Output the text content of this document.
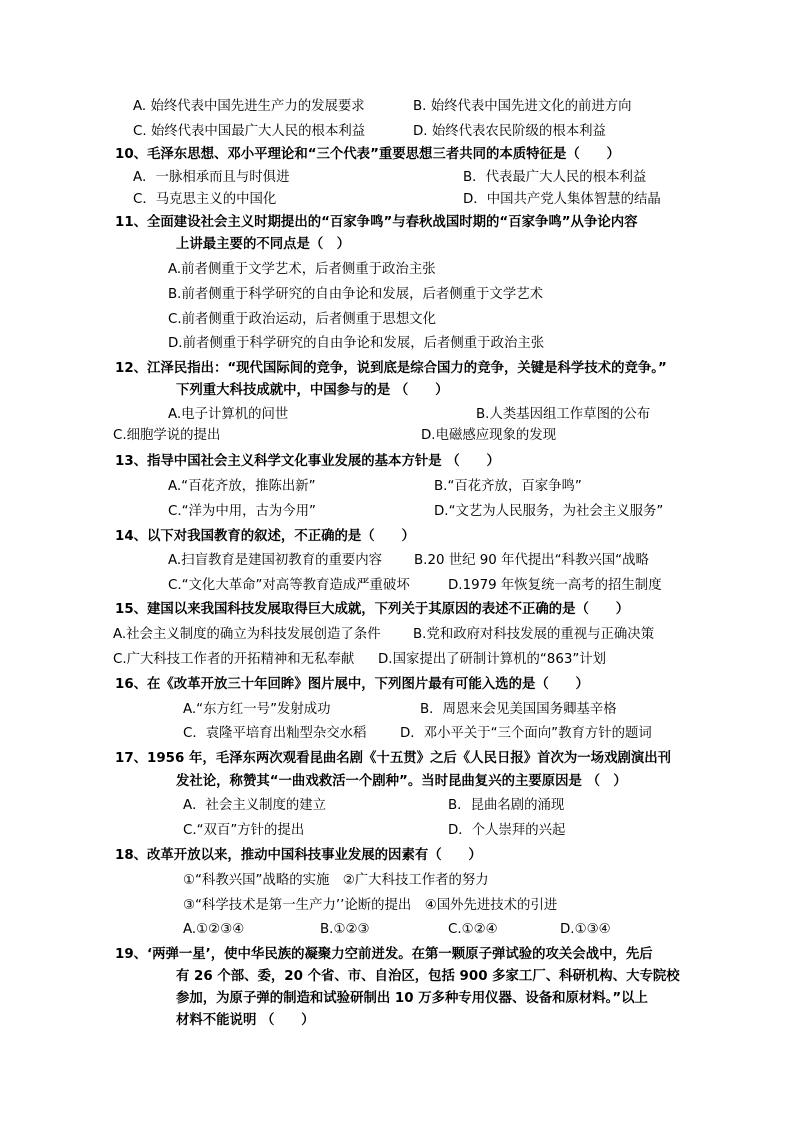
A. 始终代表中国先进生产力的发展要求	B. 始终代表中国先进文化的前进方向
C. 始终代表中国最广大人民的根本利益	D. 始终代表农民阶级的根本利益
10、毛泽东思想、邓小平理论和“三个代表”重要思想三者共同的本质特征是（　　）
A．一脉相承而且与时俱进	B．代表最广大人民的根本利益
C．马克思主义的中国化	D．中国共产党人集体智慧的结晶
11、全面建设社会主义时期提出的“百家争鸣”与春秋战国时期的“百家争鸣”从争论内容
上讲最主要的不同点是（　）
A.前者侧重于文学艺术，后者侧重于政治主张
B.前者侧重于科学研究的自由争论和发展，后者侧重于文学艺术
C.前者侧重于政治运动，后者侧重于思想文化
D.前者侧重于科学研究的自由争论和发展，后者侧重于政治主张
12、江泽民指出：“现代国际间的竞争，说到底是综合国力的竞争，关键是科学技术的竞争。”
下列重大科技成就中，中国参与的是 （　　）
A.电子计算机的问世	B.人类基因组工作草图的公布
C.细胞学说的提出	D.电磁感应现象的发现
13、指导中国社会主义科学文化事业发展的基本方针是 （　　）
A.“百花齐放，推陈出新”	B.“百花齐放，百家争鸣”
C.“洋为中用，古为今用”	D.“文艺为人民服务，为社会主义服务”
14、以下对我国教育的叙述，不正确的是（　　）
A.扫盲教育是建国初教育的重要内容 B.20 世纪 90 年代提出“科教兴国“战略
C.“文化大革命”对高等教育造成严重破坏	D.1979 年恢复统一高考的招生制度
15、建国以来我国科技发展取得巨大成就，下列关于其原因的表述不正确的是（　　）
A.社会主义制度的确立为科技发展创造了条件 B.党和政府对科技发展的重视与正确决策
C.广大科技工作者的开拓精神和无私奉献 D.国家提出了研制计算机的“863”计划
16、在《改革开放三十年回眸》图片展中，下列图片最有可能入选的是（　　）
A.“东方红一号”发射成功	B．周恩来会见美国国务卿基辛格
C．袁隆平培育出籼型杂交水稻	D．邓小平关于“三个面向”教育方针的题词
17、1956 年，毛泽东两次观看昆曲名剧《十五贯》之后《人民日报》首次为一场戏剧演出刊
发社论，称赞其“一曲戏救活一个剧种”。当时昆曲复兴的主要原因是 （　）
A．社会主义制度的建立	B．昆曲名剧的涌现
C.“双百”方针的提出	D．个人崇拜的兴起
18、改革开放以来，推动中国科技事业发展的因素有（　　）
①“科教兴国”战略的实施　②广大科技工作者的努力
③“科学技术是第一生产力’’论断的提出　④国外先进技术的引进
A.①②③④	B.①②③	C.①②④	D.①③④
19、‘两弹一星’，使中华民族的凝聚力空前迸发。在第一颗原子弹试验的攻关会战中，先后
有 26 个部、委，20 个省、市、自治区，包括 900 多家工厂、科研机构、大专院校
参加，为原子弹的制造和试验研制出 10 万多种专用仪器、设备和原材料。”以上
材料不能说明 （　　）
